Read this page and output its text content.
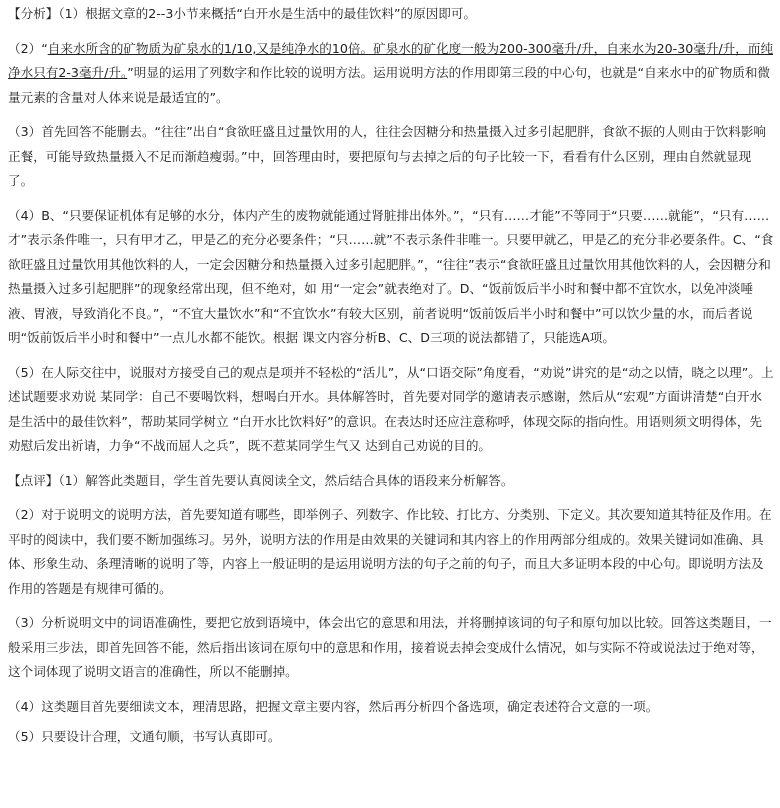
【分析】（1）根据文章的2--3小节来概括“白开水是生活中的最佳饮料”的原因即可。

（2）“自来水所含的矿物质为矿泉水的1/10,又是纯净水的10倍。矿泉水的矿化度一般为200-300毫升/升，自来水为20-30毫升/升，而纯净水只有2-3毫升/升。”明显的运用了列数字和作比较的说明方法。运用说明方法的作用即第三段的中心句，也就是“自来水中的矿物质和微量元素的含量对人体来说是最适宜的”。

（3）首先回答不能删去。“往往”出自“食欲旺盛且过量饮用的人，往往会因糖分和热量摄入过多引起肥胖，食欲不振的人则由于饮料影响正餐，可能导致热量摄入不足而渐趋瘦弱。”中，回答理由时，要把原句与去掉之后的句子比较一下，看看有什么区别，理由自然就显现了。

（4）B、“只要保证机体有足够的水分，体内产生的废物就能通过肾脏排出体外。”，“只有……才能”不等同于“只要……就能”，“只有……才”表示条件唯一，只有甲才乙，甲是乙的充分必要条件；“只……就”不表示条件非唯一。只要甲就乙，甲是乙的充分非必要条件。C、“食欲旺盛且过量饮用其他饮料的人，一定会因糖分和热量摄入过多引起肥胖。”，“往往”表示“食欲旺盛且过量饮用其他饮料的人，会因糖分和热量摄入过多引起肥胖”的现象经常出现，但不绝对，如 用“一定会”就表绝对了。D、“饭前饭后半小时和餐中都不宜饮水，以免冲淡唾液、胃液，导致消化不良。”，“不宜大量饮水”和“不宜饮水”有较大区别，前者说明“饭前饭后半小时和餐中”可以饮少量的水，而后者说明“饭前饭后半小时和餐中”一点儿水都不能饮。根据 课文内容分析B、C、D三项的说法都错了，只能选A项。

（5）在人际交往中，说服对方接受自己的观点是项并不轻松的“活儿”，从“口语交际”角度看，“劝说”讲究的是“动之以情，晓之以理”。上述试题要求劝说 某同学：自己不要喝饮料，想喝白开水。具体解答时，首先要对同学的邀请表示感谢，然后从“宏观”方面讲清楚“白开水是生活中的最佳饮料”，帮助某同学树立 “白开水比饮料好”的意识。在表达时还应注意称呼，体现交际的指向性。用语则须文明得体，先劝慰后发出祈请，力争“不战而屈人之兵”，既不惹某同学生气又 达到自己劝说的目的。

【点评】（1）解答此类题目，学生首先要认真阅读全文，然后结合具体的语段来分析解答。

（2）对于说明文的说明方法，首先要知道有哪些，即举例子、列数字、作比较、打比方、分类别、下定义。其次要知道其特征及作用。在平时的阅读中，我们要不断加强练习。另外，说明方法的作用是由效果的关键词和其内容上的作用两部分组成的。效果关键词如准确、具体、形象生动、条理清晰的说明了等，内容上一般证明的是运用说明方法的句子之前的句子，而且大多证明本段的中心句。即说明方法及作用的答题是有规律可循的。

（3）分析说明文中的词语准确性，要把它放到语境中，体会出它的意思和用法，并将删掉该词的句子和原句加以比较。回答这类题目，一般采用三步法，即首先回答不能，然后指出该词在原句中的意思和作用，接着说去掉会变成什么情况，如与实际不符或说法过于绝对等，这个词体现了说明文语言的准确性，所以不能删掉。

（4）这类题目首先要细读文本，理清思路，把握文章主要内容，然后再分析四个备选项，确定表述符合文意的一项。

（5）只要设计合理，文通句顺，书写认真即可。
